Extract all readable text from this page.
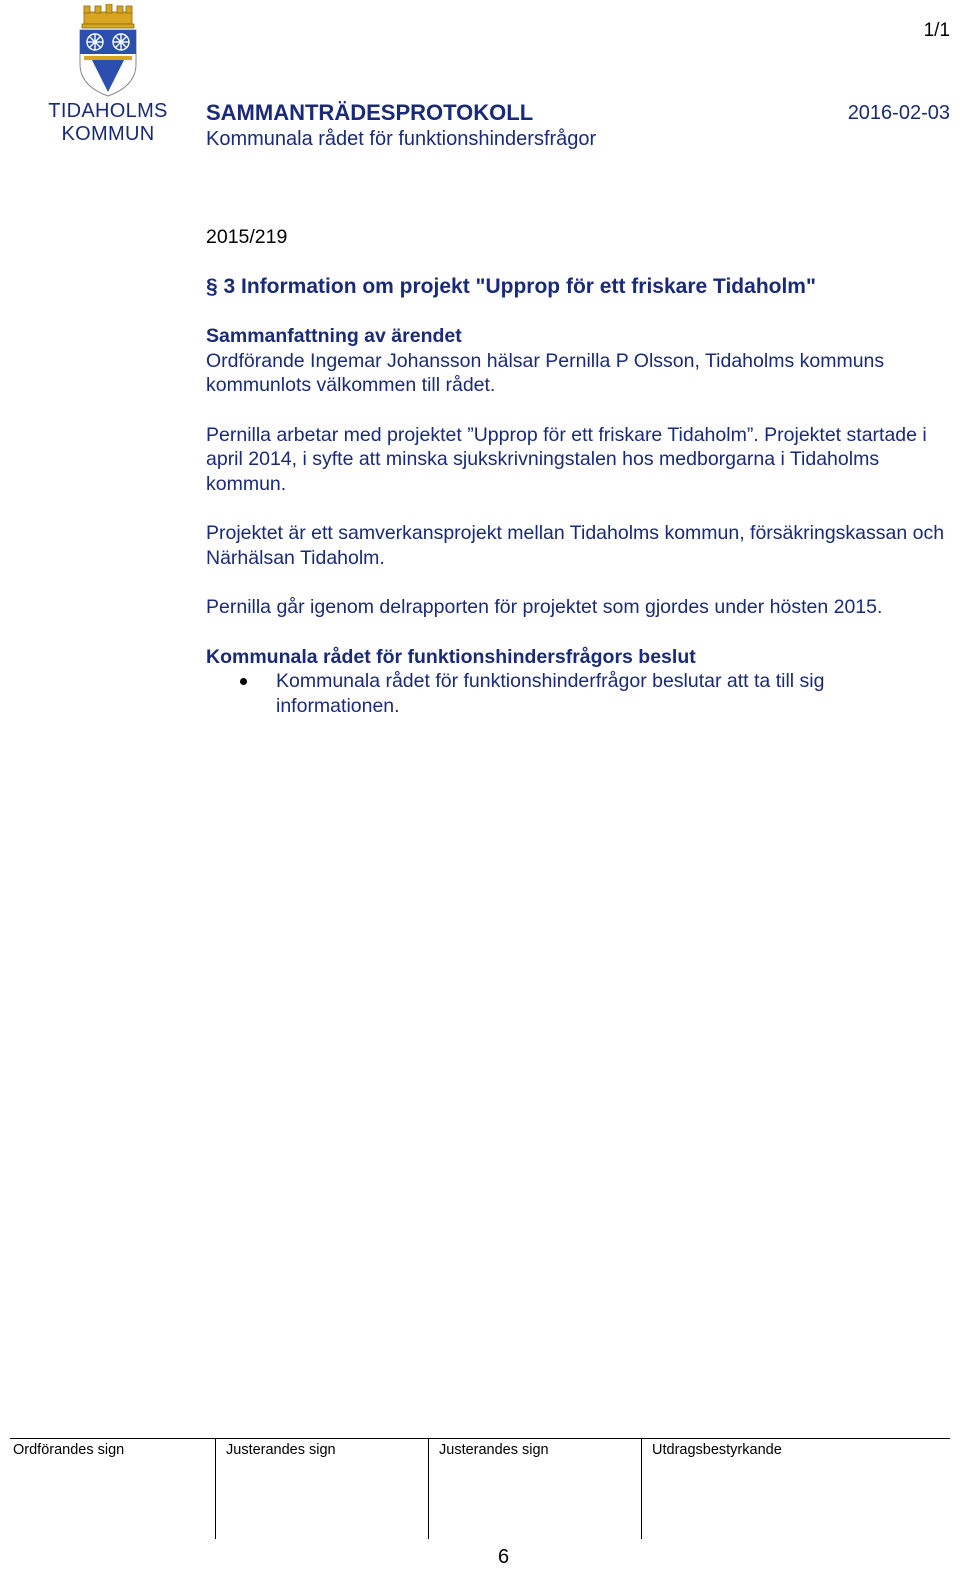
1/1
TIDAHOLMS
KOMMUN
SAMMANTRÄDESPROTOKOLL	2016-02-03
Kommunala rådet för funktionshindersfrågor
2015/219
§ 3 Information om projekt "Upprop för ett friskare Tidaholm"
Sammanfattning av ärendet

Ordförande Ingemar Johansson hälsar Pernilla P Olsson, Tidaholms kommuns kommunlots välkommen till rådet.

Pernilla arbetar med projektet ”Upprop för ett friskare Tidaholm”. Projektet startade i april 2014, i syfte att minska sjukskrivningstalen hos medborgarna i Tidaholms kommun.

Projektet är ett samverkansprojekt mellan Tidaholms kommun, försäkringskassan och Närhälsan Tidaholm.

Pernilla går igenom delrapporten för projektet som gjordes under hösten 2015.

Kommunala rådet för funktionshindersfrågors beslut
Kommunala rådet för funktionshinderfrågor beslutar att ta till sig informationen.
Ordförandes sign	Justerandes sign	Justerandes sign	Utdragsbestyrkande
6
